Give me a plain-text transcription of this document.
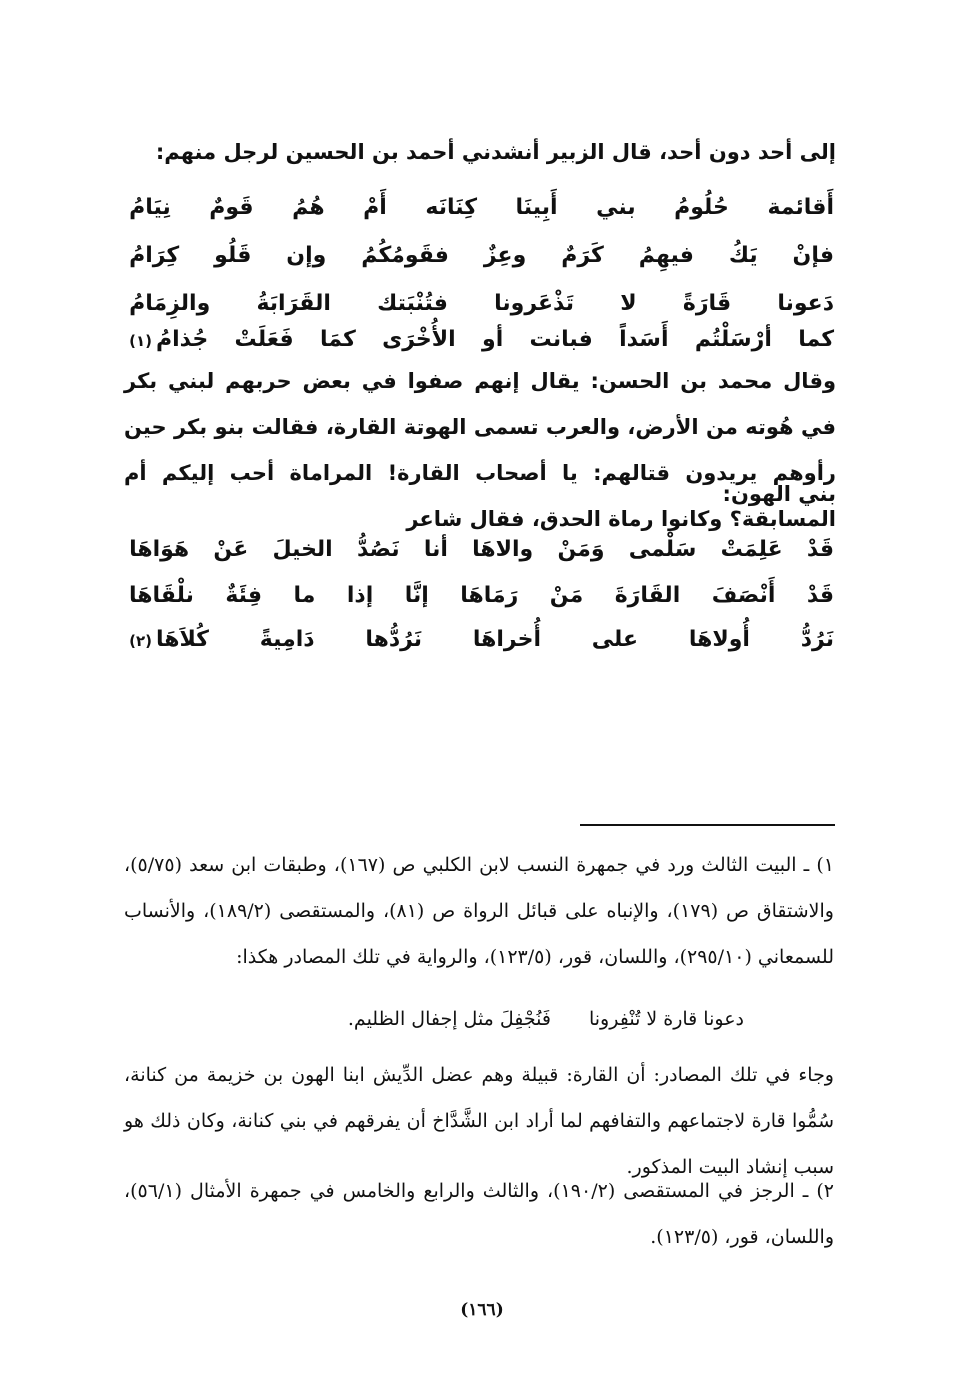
إلى أحد دون أحد، قال الزبير أنشدني أحمد بن الحسين لرجل منهم:
أَقائمة
حُلُومُ
بني
أَبِينَا
كِنَانَه
أَمْ
هُمُ
قَومٌ
نِيَامُ
فإنْ
يَكُ
فيهِمُ
كَرَمٌ
وعِزٌ
فقَومُكُمُ
وإن
قَلُو
كِرَامُ
دَعونا
قَارَةً
لا
تَذْعَرونا
فتُنْبَتك
القَرَابَةُ
والزِمَامُ
كما
أرْسَلْتُم
أَسَداً
فبانت
أو
الأُخْرَى
كمَا
فَعَلَتْ
جُذامُ(١)
وقال محمد بن الحسن: يقال إنهم صفوا في بعض حربهم لبني بكر في هُوته من الأرض، والعرب تسمى الهوتة القارة، فقالت بنو بكر حين رأوهم يريدون قتالهم: يا أصحاب القارة! المراماة أحب إليكم أم المسابقة؟ وكانوا رماة الحدق، فقال شاعر
بني الهون:
قَدْ
عَلِمَتْ
سَلْمى
وَمَنْ
والاهَا
أنا
نَصُدُّ
الخيلَ
عَنْ
هَوَاهَا
قَدْ
أَنْصَفَ
القَارَةَ
مَنْ
رَمَاهَا
إنَّا
إذا
ما
فِئَةٌ
نلْقَاهَا
نَرُدُّ
أُولاهَا
على
أُخراهَا
نَرُدُّها
دَامِيةً
كُلاَهَا(٢)
١) ـ البيت الثالث ورد في جمهرة النسب لابن الكلبي ص (١٦٧)، وطبقات ابن سعد (٥/٧٥)، والاشتقاق ص (١٧٩)، والإنباه على قبائل الرواة ص (٨١)، والمستقصى (١٨٩/٢)، والأنساب للسمعاني (٢٩٥/١٠)، واللسان، قور، (١٢٣/٥)، والرواية في تلك المصادر هكذا:
دعونا قارة لا تُنْفِرونا
فَنُجْفِلَ مثل إجفال الظليم.
وجاء في تلك المصادر: أن القارة: قبيلة وهم عضل الدِّيش ابنا الهون بن خزيمة من كنانة، سُمُّوا قارة لاجتماعهم والتفافهم لما أراد ابن الشَّدَّاخ أن يفرقهم في بني كنانة، وكان ذلك هو سبب إنشاد البيت المذكور.
٢) ـ الرجز في المستقصى (١٩٠/٢)، والثالث والرابع والخامس في جمهرة الأمثال (٥٦/١)، واللسان، قور، (١٢٣/٥).
(١٦٦)
